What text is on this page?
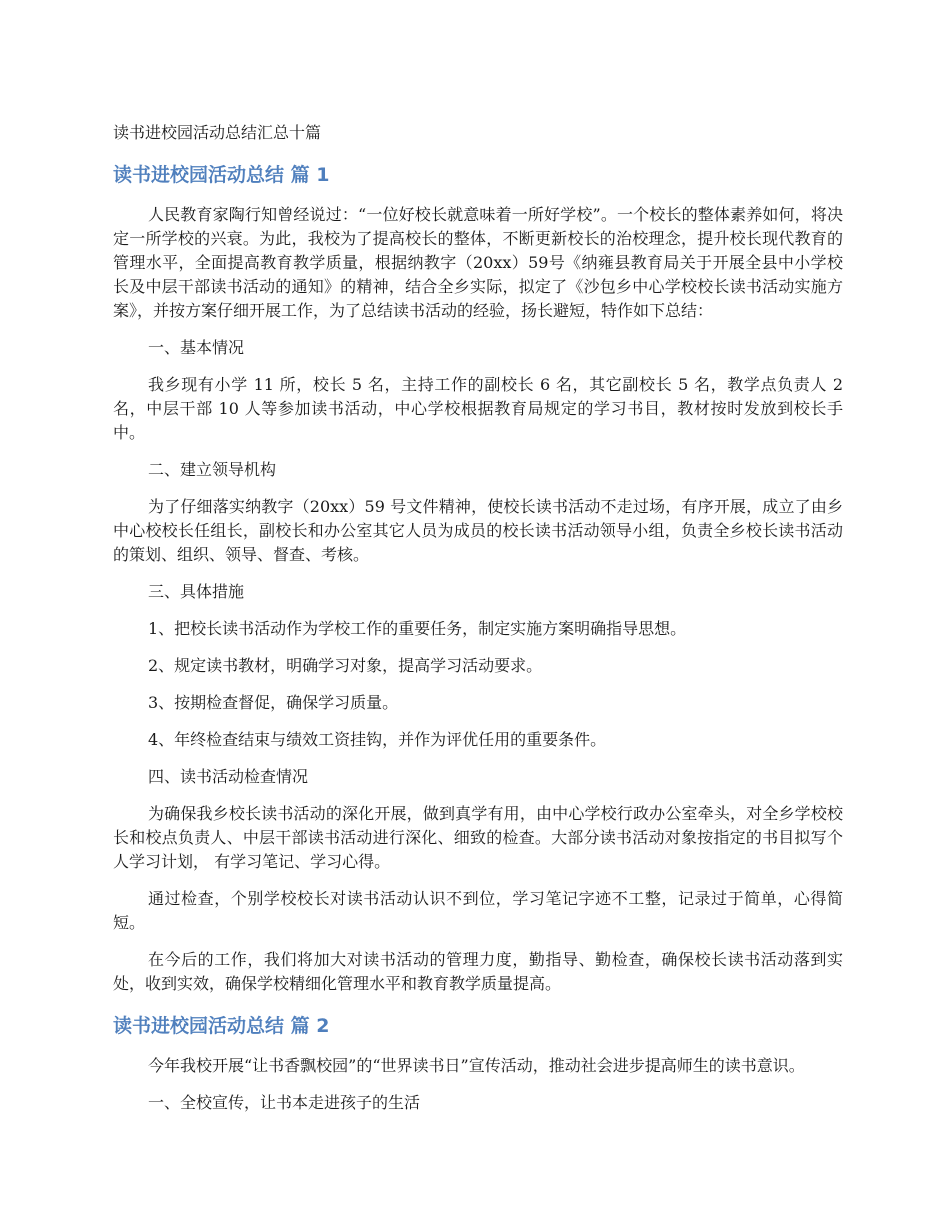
读书进校园活动总结汇总十篇
读书进校园活动总结 篇 1

人民教育家陶行知曾经说过：“一位好校长就意味着一所好学校”。一个校长的整体素养如何，将决定一所学校的兴衰。为此，我校为了提高校长的整体，不断更新校长的治校理念，提升校长现代教育的管理水平，全面提高教育教学质量，根据纳教字（20xx）59号《纳雍县教育局关于开展全县中小学校长及中层干部读书活动的通知》的精神，结合全乡实际，拟定了《沙包乡中心学校校长读书活动实施方案》，并按方案仔细开展工作，为了总结读书活动的经验，扬长避短，特作如下总结：

一、基本情况

我乡现有小学 11 所，校长 5 名，主持工作的副校长 6 名，其它副校长 5 名，教学点负责人 2 名，中层干部 10 人等参加读书活动，中心学校根据教育局规定的学习书目，教材按时发放到校长手中。

二、建立领导机构

为了仔细落实纳教字（20xx）59 号文件精神，使校长读书活动不走过场，有序开展，成立了由乡中心校校长任组长，副校长和办公室其它人员为成员的校长读书活动领导小组，负责全乡校长读书活动的策划、组织、领导、督查、考核。

三、具体措施

1、把校长读书活动作为学校工作的重要任务，制定实施方案明确指导思想。

2、规定读书教材，明确学习对象，提高学习活动要求。

3、按期检查督促，确保学习质量。

4、年终检查结束与绩效工资挂钩，并作为评优任用的重要条件。

四、读书活动检查情况

为确保我乡校长读书活动的深化开展，做到真学有用，由中心学校行政办公室牵头，对全乡学校校长和校点负责人、中层干部读书活动进行深化、细致的检查。大部分读书活动对象按指定的书目拟写个人学习计划， 有学习笔记、学习心得。

通过检查，个别学校校长对读书活动认识不到位，学习笔记字迹不工整，记录过于简单，心得简短。

在今后的工作，我们将加大对读书活动的管理力度，勤指导、勤检查，确保校长读书活动落到实处，收到实效，确保学校精细化管理水平和教育教学质量提高。

读书进校园活动总结 篇 2

今年我校开展“让书香飘校园”的“世界读书日”宣传活动，推动社会进步提高师生的读书意识。

一、全校宣传，让书本走进孩子的生活
